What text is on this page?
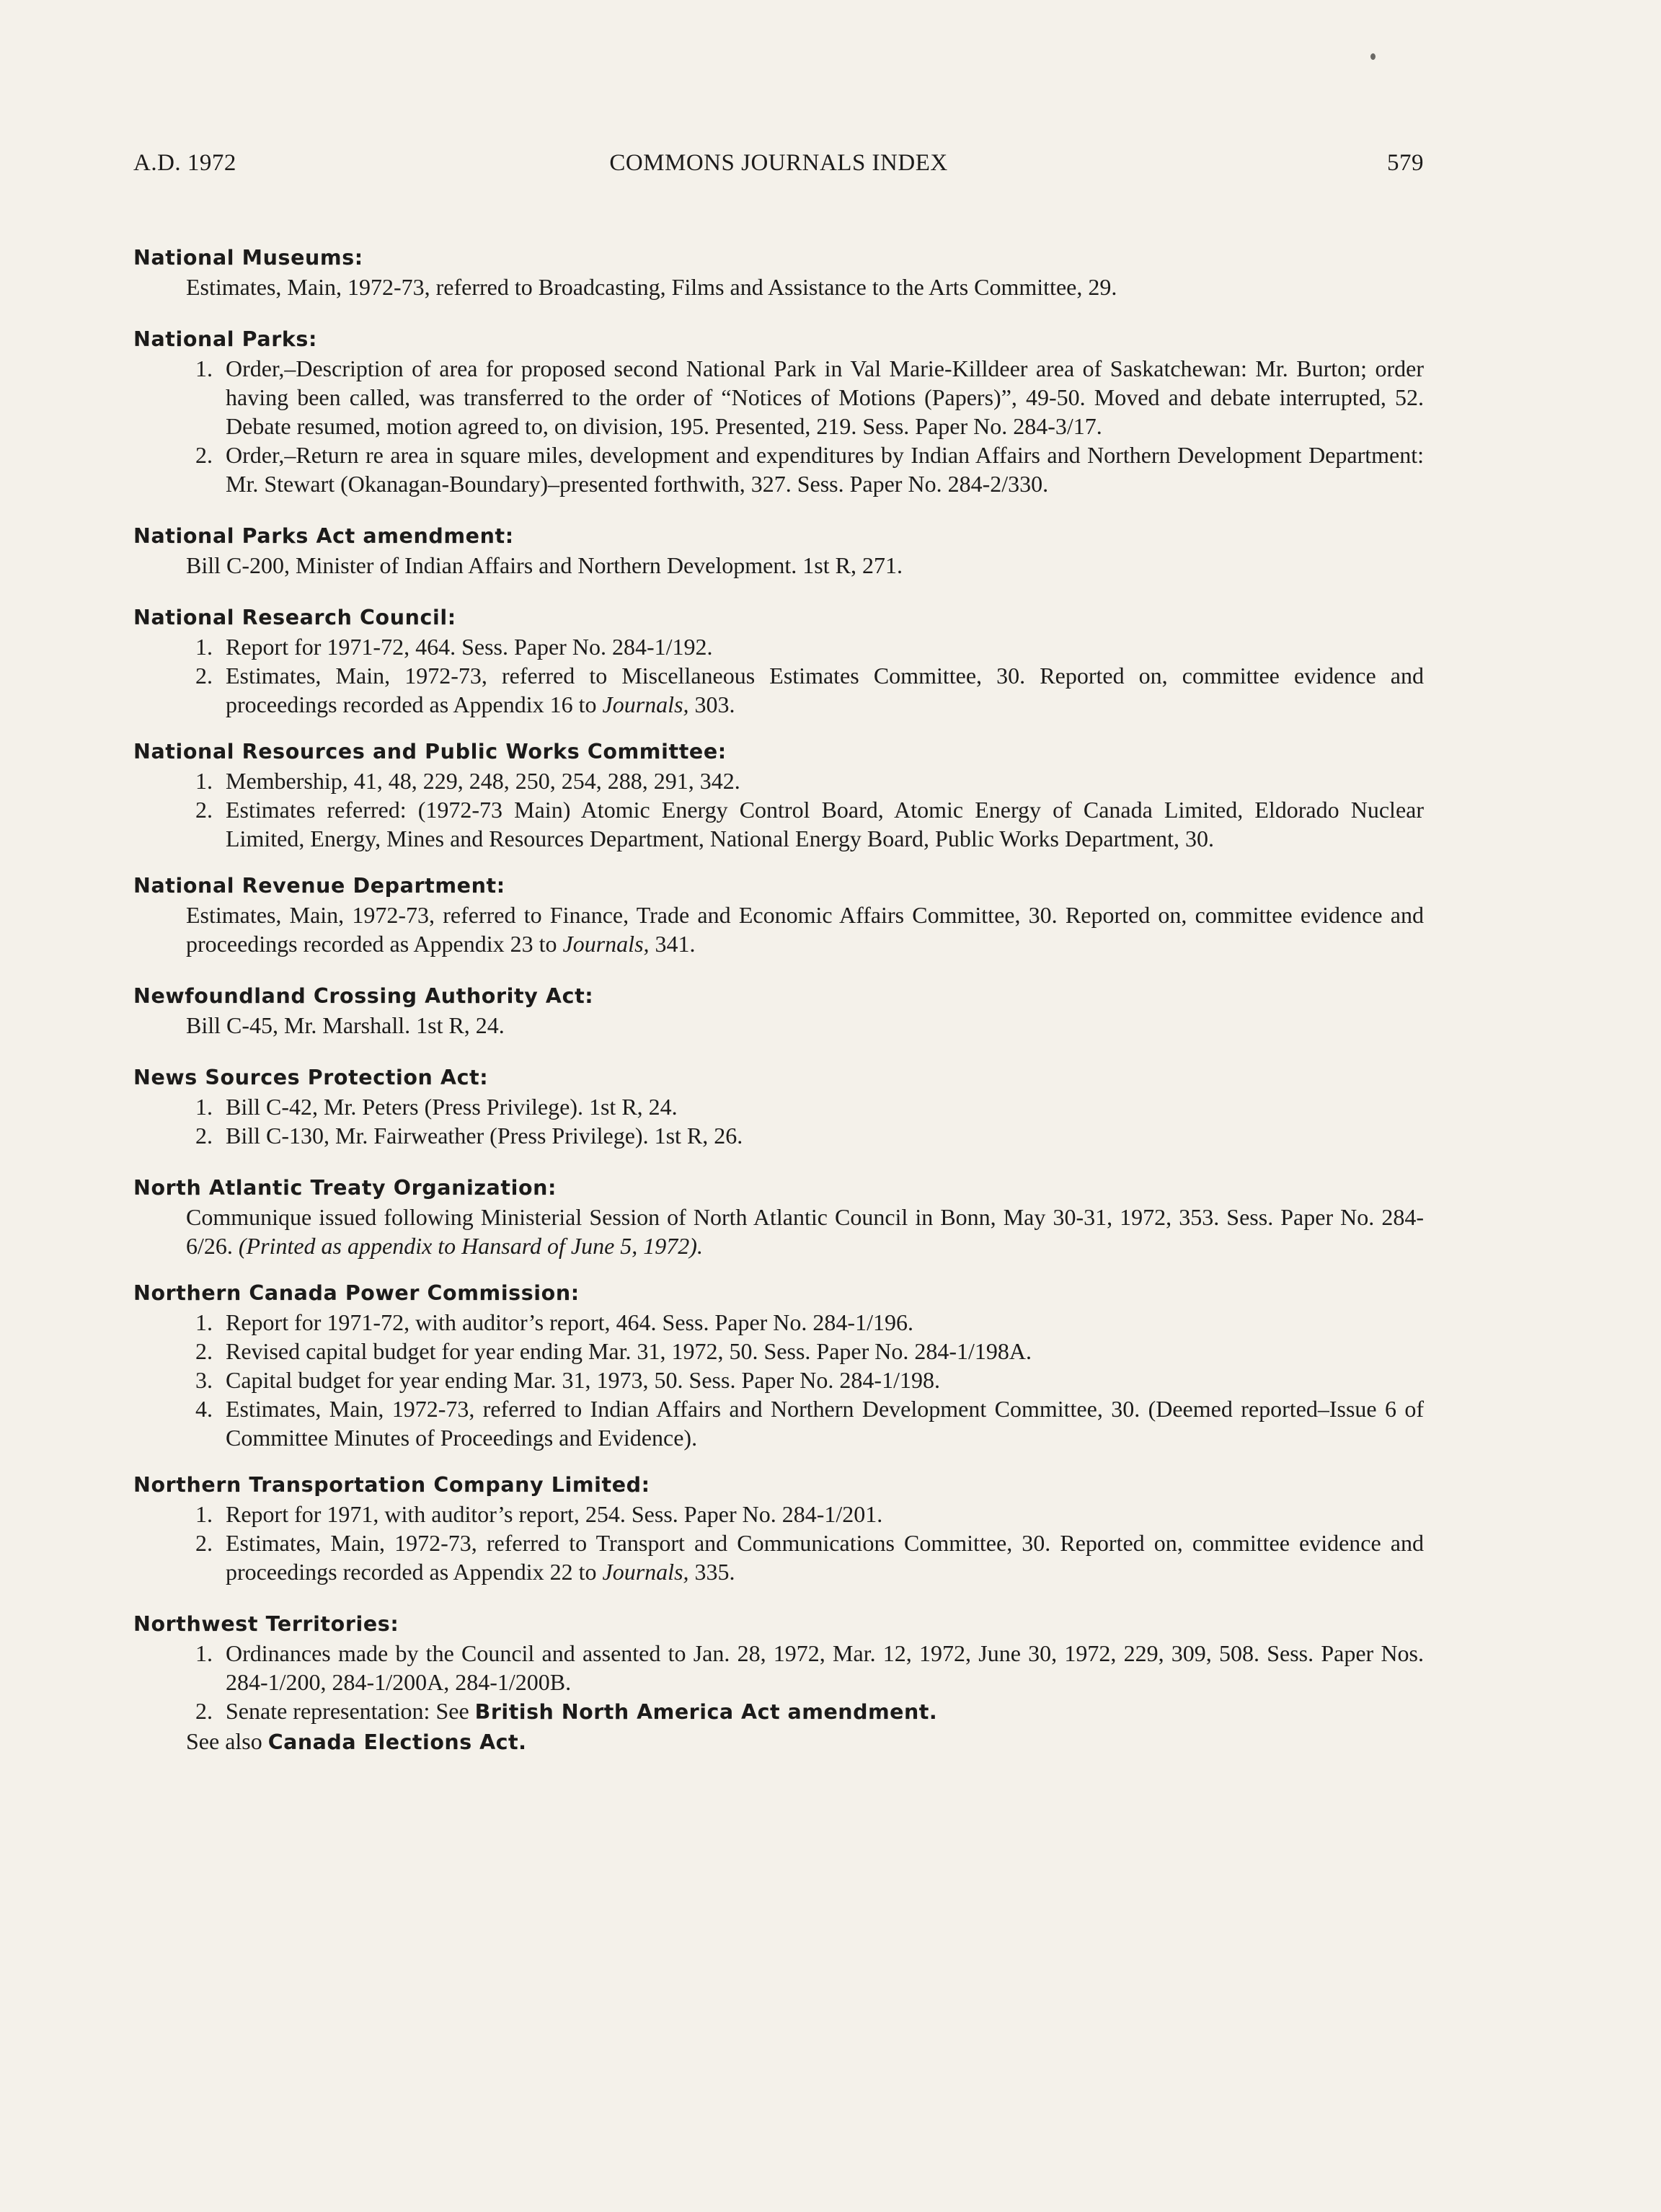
A.D. 1972	COMMONS JOURNALS INDEX	579
National Museums:
Estimates, Main, 1972-73, referred to Broadcasting, Films and Assistance to the Arts Committee, 29.
National Parks:
1. Order,–Description of area for proposed second National Park in Val Marie-Killdeer area of Saskatchewan: Mr. Burton; order having been called, was transferred to the order of “Notices of Motions (Papers)”, 49-50. Moved and debate interrupted, 52. Debate resumed, motion agreed to, on division, 195. Presented, 219. Sess. Paper No. 284-3/17.
2. Order,–Return re area in square miles, development and expenditures by Indian Affairs and Northern Development Department: Mr. Stewart (Okanagan-Boundary)–presented forthwith, 327. Sess. Paper No. 284-2/330.
National Parks Act amendment:
Bill C-200, Minister of Indian Affairs and Northern Development. 1st R, 271.
National Research Council:
1. Report for 1971-72, 464. Sess. Paper No. 284-1/192.
2. Estimates, Main, 1972-73, referred to Miscellaneous Estimates Committee, 30. Reported on, committee evidence and proceedings recorded as Appendix 16 to Journals, 303.
National Resources and Public Works Committee:
1. Membership, 41, 48, 229, 248, 250, 254, 288, 291, 342.
2. Estimates referred: (1972-73 Main) Atomic Energy Control Board, Atomic Energy of Canada Limited, Eldorado Nuclear Limited, Energy, Mines and Resources Department, National Energy Board, Public Works Department, 30.
National Revenue Department:
Estimates, Main, 1972-73, referred to Finance, Trade and Economic Affairs Committee, 30. Reported on, committee evidence and proceedings recorded as Appendix 23 to Journals, 341.
Newfoundland Crossing Authority Act:
Bill C-45, Mr. Marshall. 1st R, 24.
News Sources Protection Act:
1. Bill C-42, Mr. Peters (Press Privilege). 1st R, 24.
2. Bill C-130, Mr. Fairweather (Press Privilege). 1st R, 26.
North Atlantic Treaty Organization:
Communique issued following Ministerial Session of North Atlantic Council in Bonn, May 30-31, 1972, 353. Sess. Paper No. 284-6/26. (Printed as appendix to Hansard of June 5, 1972).
Northern Canada Power Commission:
1. Report for 1971-72, with auditor’s report, 464. Sess. Paper No. 284-1/196.
2. Revised capital budget for year ending Mar. 31, 1972, 50. Sess. Paper No. 284-1/198A.
3. Capital budget for year ending Mar. 31, 1973, 50. Sess. Paper No. 284-1/198.
4. Estimates, Main, 1972-73, referred to Indian Affairs and Northern Development Committee, 30. (Deemed reported–Issue 6 of Committee Minutes of Proceedings and Evidence).
Northern Transportation Company Limited:
1. Report for 1971, with auditor’s report, 254. Sess. Paper No. 284-1/201.
2. Estimates, Main, 1972-73, referred to Transport and Communications Committee, 30. Reported on, committee evidence and proceedings recorded as Appendix 22 to Journals, 335.
Northwest Territories:
1. Ordinances made by the Council and assented to Jan. 28, 1972, Mar. 12, 1972, June 30, 1972, 229, 309, 508. Sess. Paper Nos. 284-1/200, 284-1/200A, 284-1/200B.
2. Senate representation: See British North America Act amendment.
See also Canada Elections Act.
